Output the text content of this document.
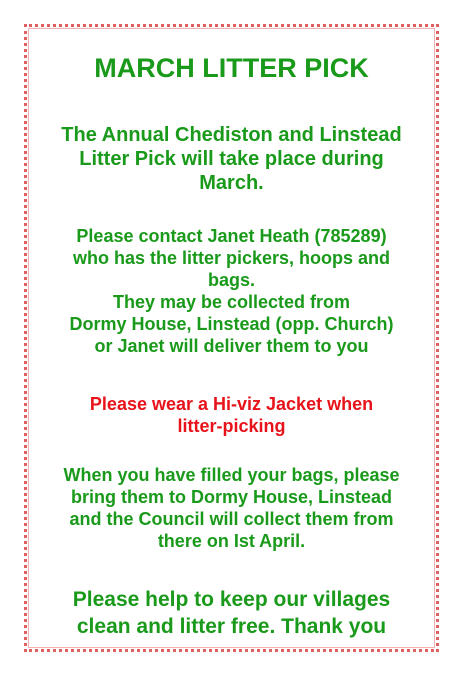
MARCH LITTER PICK

The Annual Chediston and Linstead
Litter Pick will take place during
March.

Please contact Janet Heath (785289)
who has the litter pickers, hoops and
bags.
They may be collected from
Dormy House, Linstead (opp. Church)
or Janet will deliver them to you

Please wear a Hi-viz Jacket when
litter-picking

When you have filled your bags, please
bring them to Dormy House, Linstead
and the Council will collect them from
there on Ist April.

Please help to keep our villages
clean and litter free. Thank you
